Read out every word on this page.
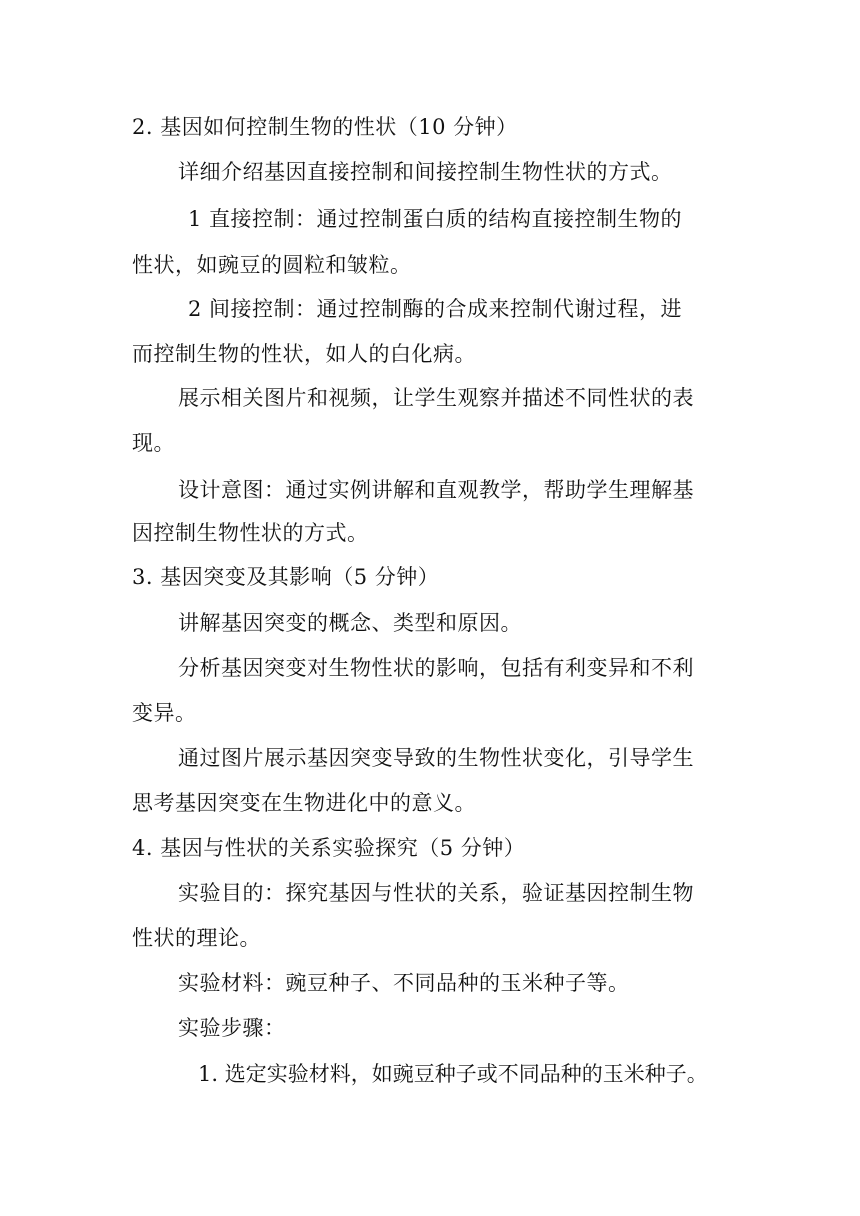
2. 基因如何控制生物的性状（10 分钟）
详细介绍基因直接控制和间接控制生物性状的方式。
1 直接控制：通过控制蛋白质的结构直接控制生物的
性状，如豌豆的圆粒和皱粒。
2 间接控制：通过控制酶的合成来控制代谢过程，进
而控制生物的性状，如人的白化病。
展示相关图片和视频，让学生观察并描述不同性状的表
现。
设计意图：通过实例讲解和直观教学，帮助学生理解基
因控制生物性状的方式。
3. 基因突变及其影响（5 分钟）
讲解基因突变的概念、类型和原因。
分析基因突变对生物性状的影响，包括有利变异和不利
变异。
通过图片展示基因突变导致的生物性状变化，引导学生
思考基因突变在生物进化中的意义。
4. 基因与性状的关系实验探究（5 分钟）
实验目的：探究基因与性状的关系，验证基因控制生物
性状的理论。
实验材料：豌豆种子、不同品种的玉米种子等。
实验步骤：
1. 选定实验材料，如豌豆种子或不同品种的玉米种子。
